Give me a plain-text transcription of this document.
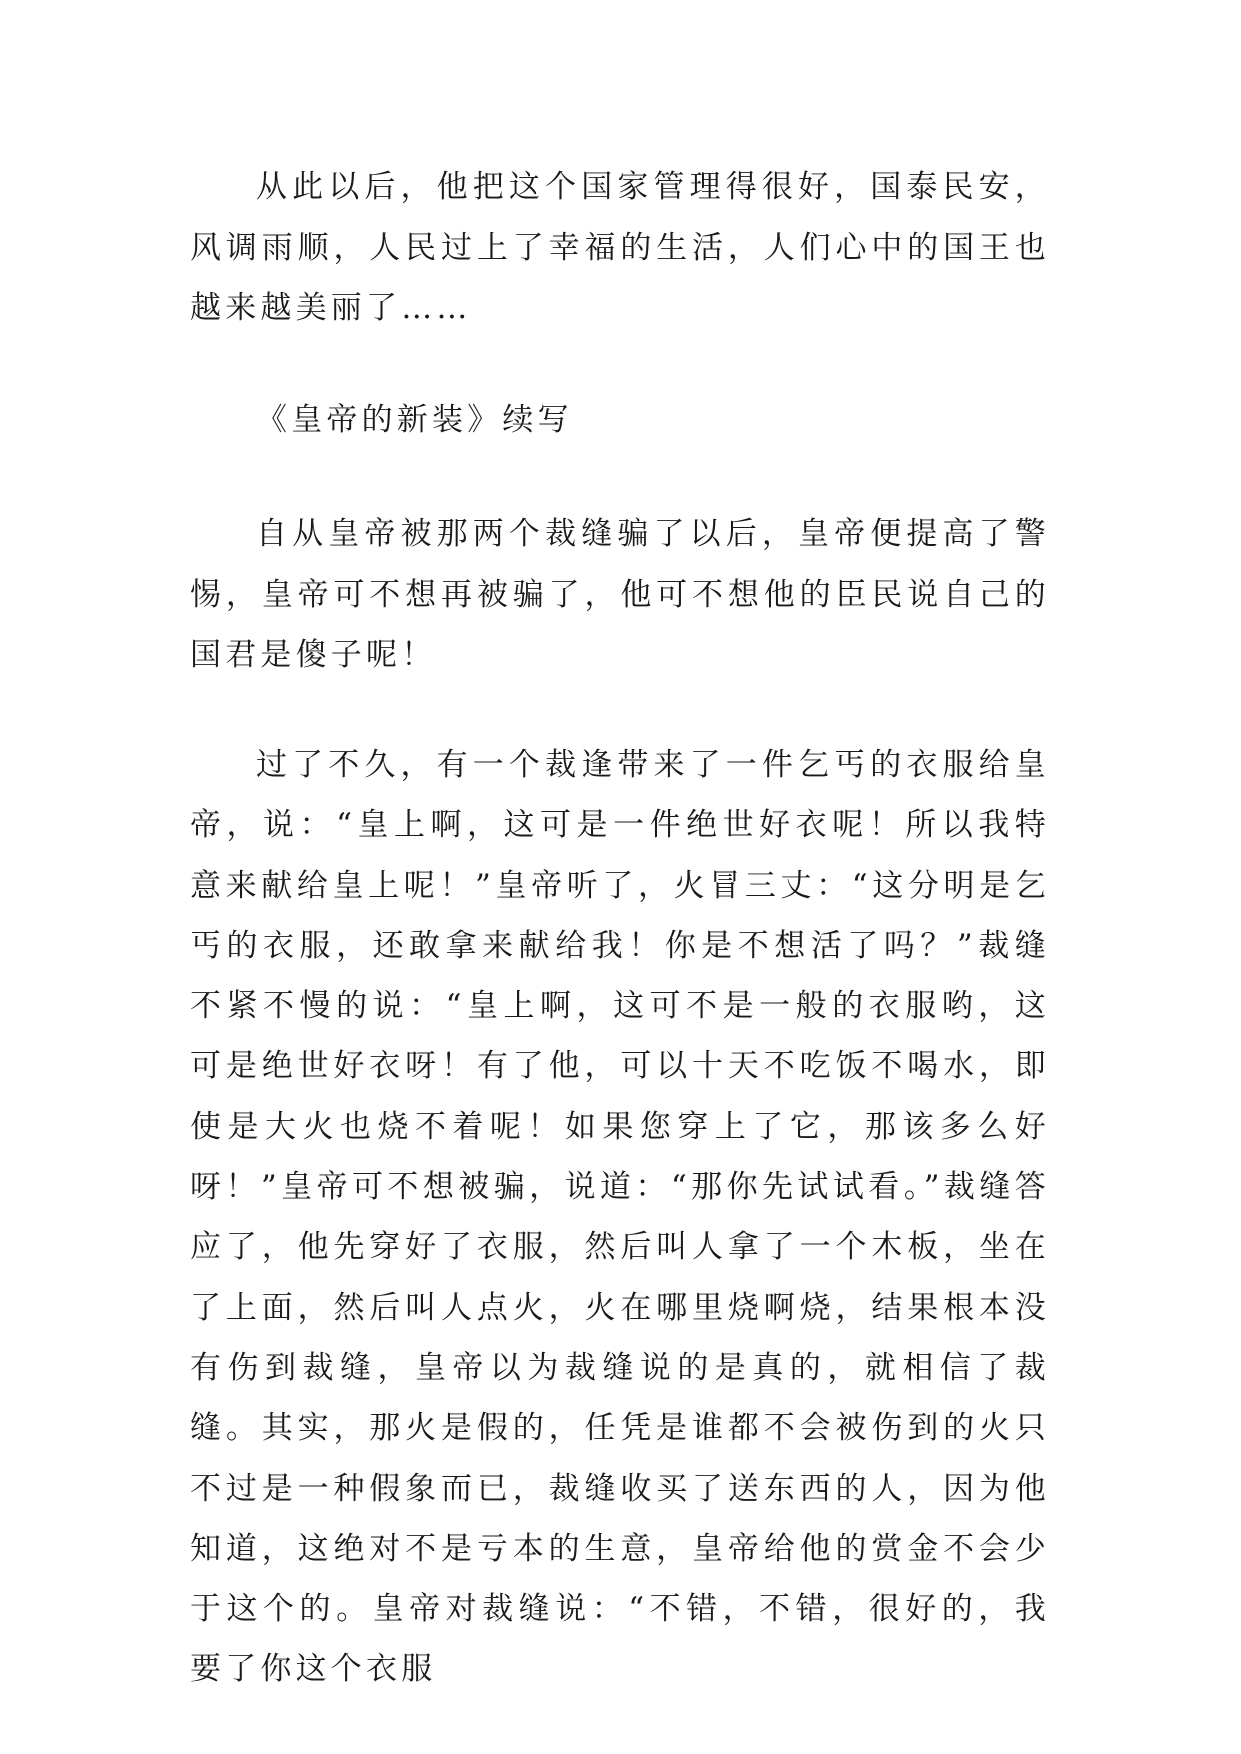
从此以后，他把这个国家管理得很好，国泰民安，风调雨顺，人民过上了幸福的生活，人们心中的国王也越来越美丽了……

《皇帝的新装》续写

自从皇帝被那两个裁缝骗了以后，皇帝便提高了警惕，皇帝可不想再被骗了，他可不想他的臣民说自己的国君是傻子呢！

过了不久，有一个裁逢带来了一件乞丐的衣服给皇帝，说：“皇上啊，这可是一件绝世好衣呢！所以我特意来献给皇上呢！”皇帝听了，火冒三丈：“这分明是乞丐的衣服，还敢拿来献给我！你是不想活了吗？”裁缝不紧不慢的说：“皇上啊，这可不是一般的衣服哟，这可是绝世好衣呀！有了他，可以十天不吃饭不喝水，即使是大火也烧不着呢！如果您穿上了它，那该多么好呀！”皇帝可不想被骗，说道：“那你先试试看。”裁缝答应了，他先穿好了衣服，然后叫人拿了一个木板，坐在了上面，然后叫人点火，火在哪里烧啊烧，结果根本没有伤到裁缝，皇帝以为裁缝说的是真的，就相信了裁缝。其实，那火是假的，任凭是谁都不会被伤到的火只不过是一种假象而已，裁缝收买了送东西的人，因为他知道，这绝对不是亏本的生意，皇帝给他的赏金不会少于这个的。皇帝对裁缝说：“不错，不错，很好的，我要了你这个衣服
